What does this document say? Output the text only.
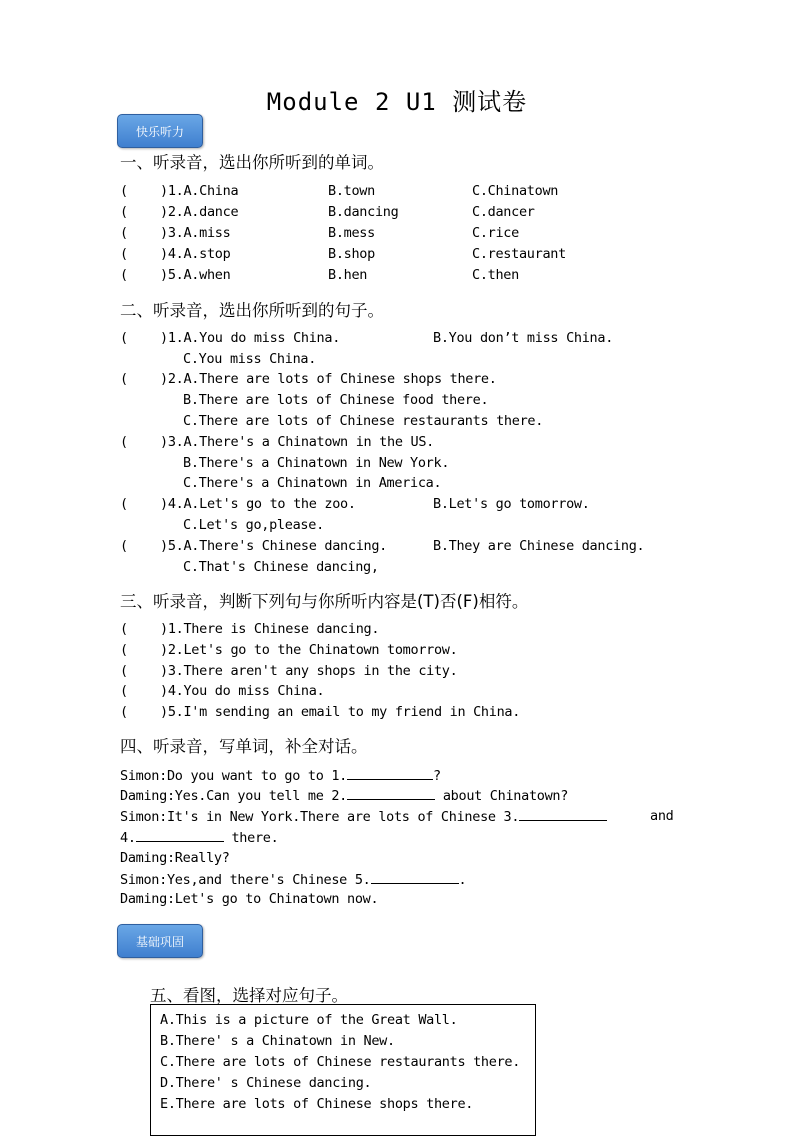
Module 2 U1 测试卷
快乐听力
一、听录音，选出你所听到的单词。
( )1.A.China	B.town	C.Chinatown
( )2.A.dance	B.dancing	C.dancer
( )3.A.miss	B.mess	C.rice
( )4.A.stop	B.shop	C.restaurant
( )5.A.when	B.hen	C.then
二、听录音，选出你所听到的句子。
( )1.A.You do miss China.	B.You don’t miss China.
C.You miss China.
( )2.A.There are lots of Chinese shops there.
B.There are lots of Chinese food there.
C.There are lots of Chinese restaurants there.
( )3.A.There's a Chinatown in the US.
B.There's a Chinatown in New York.
C.There's a Chinatown in America.
( )4.A.Let's go to the zoo.	B.Let's go tomorrow.
C.Let's go,please.
( )5.A.There's Chinese dancing.	B.They are Chinese dancing.
C.That's Chinese dancing,
三、听录音，判断下列句与你所听内容是(T)否(F)相符。
( )1.There is Chinese dancing.
( )2.Let's go to the Chinatown tomorrow.
( )3.There aren't any shops in the city.
( )4.You do miss China.
( )5.I'm sending an email to my friend in China.
四、听录音，写单词，补全对话。
Simon:Do you want to go to 1.	?
Daming:Yes.Can you tell me 2.	about Chinatown?
Simon:It's in New York.There are lots of Chinese 3.	and
4.	there.
Daming:Really?
Simon:Yes,and there's Chinese 5.	.
Daming:Let's go to Chinatown now.
基础巩固
五、看图，选择对应句子。
A.This is a picture of the Great Wall.
B.There' s a Chinatown in New.
C.There are lots of Chinese restaurants there.
D.There' s Chinese dancing.
E.There are lots of Chinese shops there.
